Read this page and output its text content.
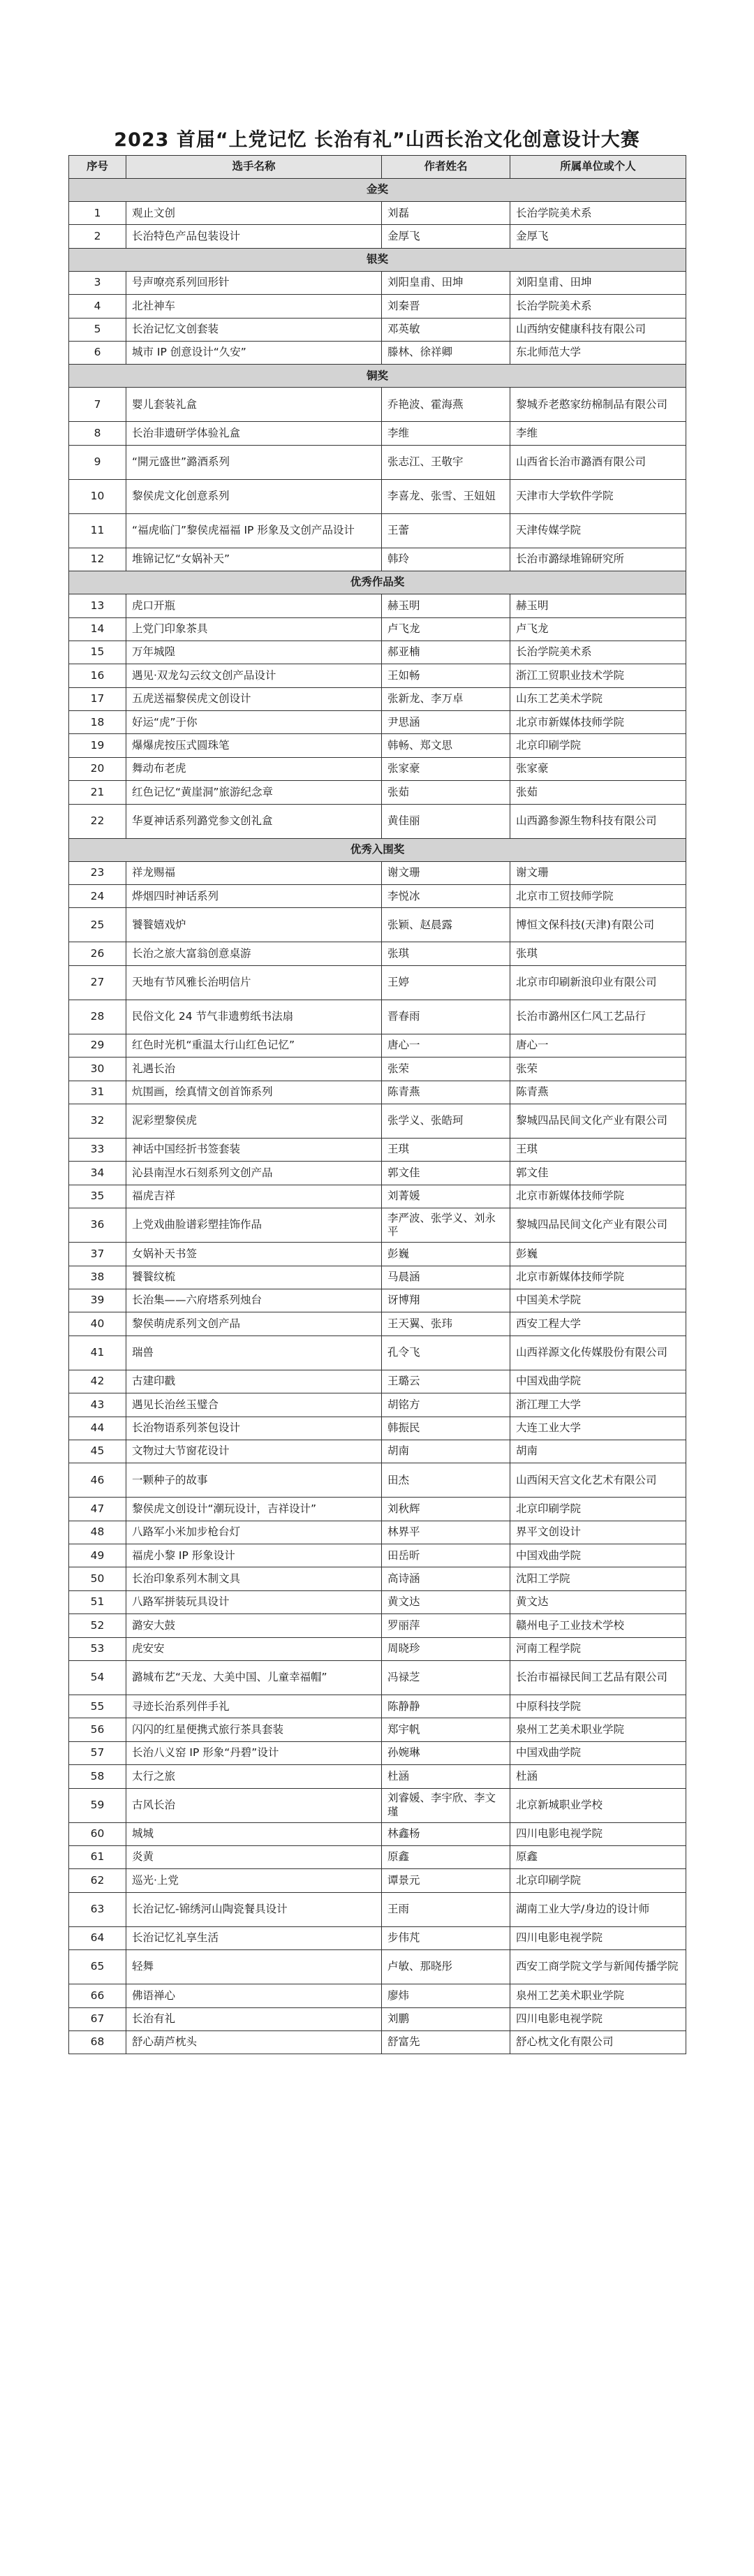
2023 首届“上党记忆 长治有礼”山西长治文化创意设计大赛
序号	选手名称	作者姓名	所属单位或个人
金奖			
1	观止文创	刘磊	长治学院美术系
2	长治特色产品包装设计	金厚飞	金厚飞
银奖			
3	号声嘹亮系列回形针	刘阳皇甫、田坤	刘阳皇甫、田坤
4	北社神车	刘秦晋	长治学院美术系
5	长治记忆文创套装	邓英敏	山西纳安健康科技有限公司
6	城市 IP 创意设计“久安”	滕林、徐祥卿	东北师范大学
铜奖			
7	婴儿套装礼盒	乔艳波、霍海燕	黎城乔老憨家纺棉制品有限公司
8	长治非遗研学体验礼盒	李维	李维
9	“開元盛世”潞酒系列	张志江、王敬宇	山西省长治市潞酒有限公司
10	黎侯虎文化创意系列	李喜龙、张雪、王妞妞	天津市大学软件学院
11	“福虎临门”黎侯虎福福 IP 形象及文创产品设计	王蕾	天津传媒学院
12	堆锦记忆“女娲补天”	韩玲	长治市潞绿堆锦研究所
优秀作品奖			
13	虎口开瓶	赫玉明	赫玉明
14	上党门印象茶具	卢飞龙	卢飞龙
15	万年城隍	郝亚楠	长治学院美术系
16	遇见·双龙勾云纹文创产品设计	王如畅	浙江工贸职业技术学院
17	五虎送福黎侯虎文创设计	张新龙、李万卓	山东工艺美术学院
18	好运“虎”于你	尹思涵	北京市新媒体技师学院
19	爆爆虎按压式圆珠笔	韩畅、郑文思	北京印刷学院
20	舞动布老虎	张家豪	张家豪
21	红色记忆“黄崖洞”旅游纪念章	张茹	张茹
22	华夏神话系列潞党参文创礼盒	黄佳丽	山西潞参源生物科技有限公司
优秀入围奖			
23	祥龙赐福	谢文珊	谢文珊
24	烨烟四时神话系列	李悦冰	北京市工贸技师学院
25	饕餮嬉戏炉	张颖、赵晨露	博恒文保科技(天津)有限公司
26	长治之旅大富翁创意桌游	张琪	张琪
27	天地有节风雅长治明信片	王婷	北京市印刷新浪印业有限公司
28	民俗文化 24 节气非遗剪纸书法扇	晋春雨	长治市潞州区仁风工艺品行
29	红色时光机“重温太行山红色记忆”	唐心一	唐心一
30	礼遇长治	张荣	张荣
31	炕围画，绘真情文创首饰系列	陈青燕	陈青燕
32	泥彩塑黎侯虎	张学义、张皓珂	黎城四品民间文化产业有限公司
33	神话中国经折书签套装	王琪	王琪
34	沁县南涅水石刻系列文创产品	郭文佳	郭文佳
35	福虎吉祥	刘菁媛	北京市新媒体技师学院
36	上党戏曲脸谱彩塑挂饰作品	李严波、张学义、刘永平	黎城四品民间文化产业有限公司
37	女娲补天书签	彭巍	彭巍
38	饕餮纹梳	马晨涵	北京市新媒体技师学院
39	长治集——六府塔系列烛台	讶博翔	中国美术学院
40	黎侯萌虎系列文创产品	王天翼、张玮	西安工程大学
41	瑞兽	孔令飞	山西祥源文化传媒股份有限公司
42	古建印戳	王璐云	中国戏曲学院
43	遇见长治丝玉璧合	胡铭方	浙江理工大学
44	长治物语系列茶包设计	韩振民	大连工业大学
45	文物过大节窗花设计	胡南	胡南
46	一颗种子的故事	田杰	山西闲天宫文化艺术有限公司
47	黎侯虎文创设计“潮玩设计，吉祥设计”	刘秋辉	北京印刷学院
48	八路军小米加步枪台灯	林界平	界平文创设计
49	福虎小黎 IP 形象设计	田岳昕	中国戏曲学院
50	长治印象系列木制文具	高诗涵	沈阳工学院
51	八路军拼装玩具设计	黄文达	黄文达
52	潞安大鼓	罗丽萍	赣州电子工业技术学校
53	虎安安	周晓珍	河南工程学院
54	潞城布艺“天龙、大美中国、儿童幸福帽”	冯禄芝	长治市福禄民间工艺品有限公司
55	寻迹长治系列伴手礼	陈静静	中原科技学院
56	闪闪的红星便携式旅行茶具套装	郑宇帆	泉州工艺美术职业学院
57	长治八义窑 IP 形象“丹碧”设计	孙婉琳	中国戏曲学院
58	太行之旅	杜涵	杜涵
59	古风长治	刘睿媛、李宇欣、李文瑾	北京新城职业学校
60	城城	林鑫杨	四川电影电视学院
61	炎黄	原鑫	原鑫
62	巡光·上党	谭景元	北京印刷学院
63	长治记忆-锦绣河山陶瓷餐具设计	王雨	湖南工业大学/身边的设计师
64	长治记忆礼享生活	步伟芃	四川电影电视学院
65	轻舞	卢敏、那晓彤	西安工商学院文学与新闻传播学院
66	佛语禅心	廖炜	泉州工艺美术职业学院
67	长治有礼	刘鹏	四川电影电视学院
68	舒心葫芦枕头	舒富先	舒心枕文化有限公司
